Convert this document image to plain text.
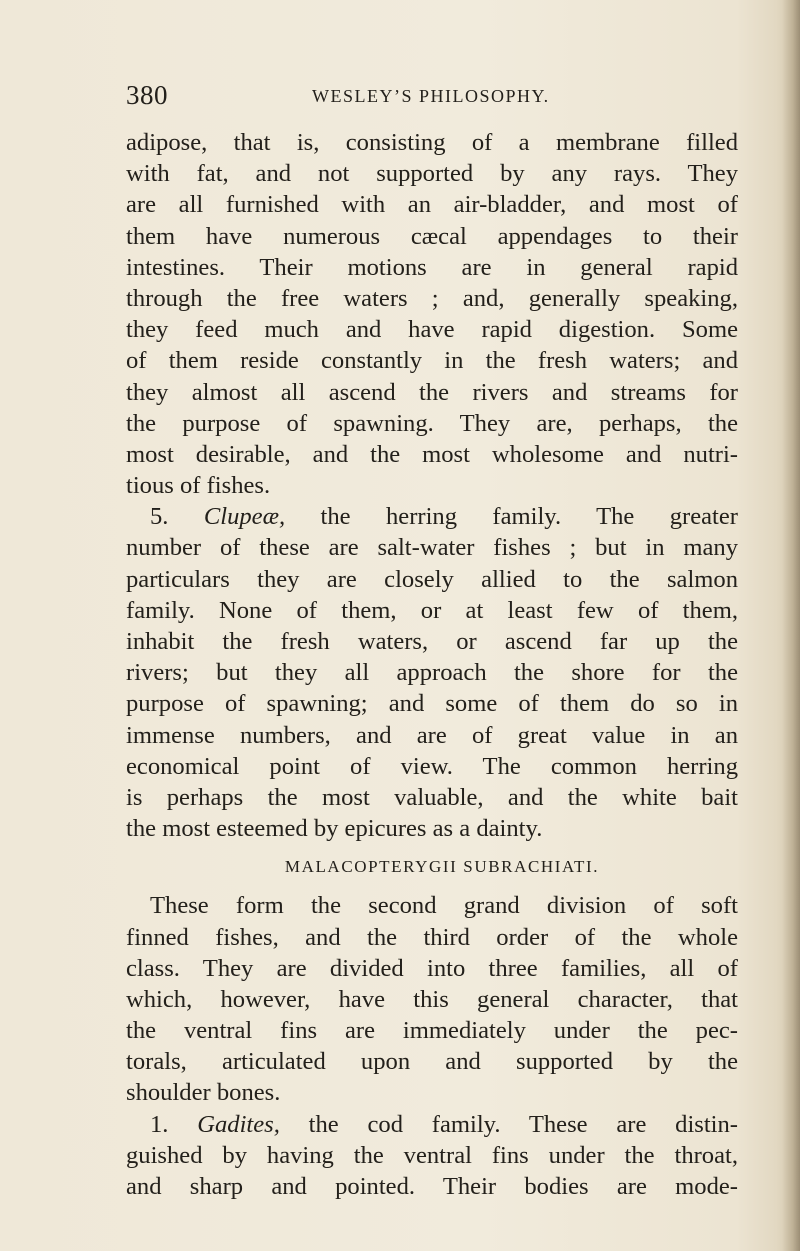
380	WESLEY’S PHILOSOPHY.
adipose, that is, consisting of a membrane filled
with fat, and not supported by any rays. They
are all furnished with an air-bladder, and most of
them have numerous cæcal appendages to their
intestines. Their motions are in general rapid
through the free waters ; and, generally speaking,
they feed much and have rapid digestion. Some
of them reside constantly in the fresh waters; and
they almost all ascend the rivers and streams for
the purpose of spawning. They are, perhaps, the
most desirable, and the most wholesome and nutri-
tious of fishes.
5. Clupeæ, the herring family. The greater
number of these are salt-water fishes ; but in many
particulars they are closely allied to the salmon
family. None of them, or at least few of them,
inhabit the fresh waters, or ascend far up the
rivers; but they all approach the shore for the
purpose of spawning; and some of them do so in
immense numbers, and are of great value in an
economical point of view. The common herring
is perhaps the most valuable, and the white bait
the most esteemed by epicures as a dainty.
MALACOPTERYGII SUBRACHIATI.
These form the second grand division of soft
finned fishes, and the third order of the whole
class. They are divided into three families, all of
which, however, have this general character, that
the ventral fins are immediately under the pec-
torals, articulated upon and supported by the
shoulder bones.
1. Gadites, the cod family. These are distin-
guished by having the ventral fins under the throat,
and sharp and pointed. Their bodies are mode-
